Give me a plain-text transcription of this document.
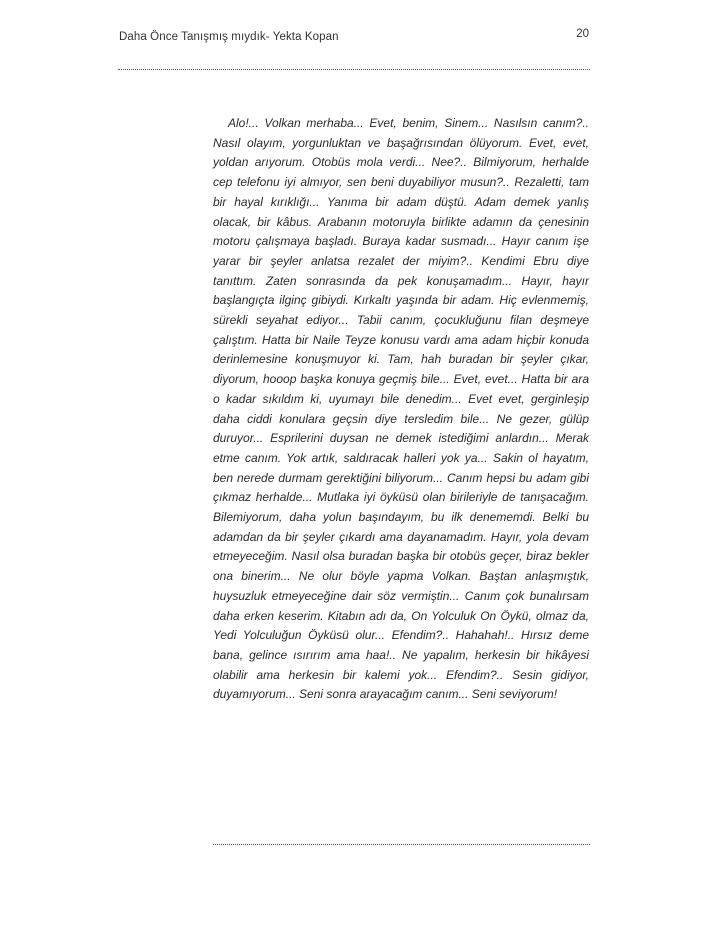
Daha Önce Tanışmış mıydık- Yekta Kopan	20

Alo!... Volkan merhaba... Evet, benim, Sinem... Nasılsın canım?.. Nasıl olayım, yorgunluktan ve başağrısından ölüyorum. Evet, evet, yoldan arıyorum. Otobüs mola verdi... Nee?.. Bilmiyorum, herhalde cep telefonu iyi almıyor, sen beni duyabiliyor musun?.. Rezaletti, tam bir hayal kırıklığı... Yanıma bir adam düştü. Adam demek yanlış olacak, bir kâbus. Arabanın motoruyla birlikte adamın da çenesinin motoru çalışmaya başladı. Buraya kadar susmadı... Hayır canım işe yarar bir şeyler anlatsa rezalet der miyim?.. Kendimi Ebru diye tanıttım. Zaten sonrasında da pek konuşamadım... Hayır, hayır başlangıçta ilginç gibiydi. Kırkaltı yaşında bir adam. Hiç evlenmemiş, sürekli seyahat ediyor... Tabii canım, çocukluğunu filan deşmeye çalıştım. Hatta bir Naile Teyze konusu vardı ama adam hiçbir konuda derinlemesine konuşmuyor ki. Tam, hah buradan bir şeyler çıkar, diyorum, hooop başka konuya geçmiş bile... Evet, evet... Hatta bir ara o kadar sıkıldım ki, uyumayı bile denedim... Evet evet, gerginleşip daha ciddi konulara geçsin diye tersledim bile... Ne gezer, gülüp duruyor... Esprilerini duysan ne demek istediğimi anlardın... Merak etme canım. Yok artık, saldıracak halleri yok ya... Sakin ol hayatım, ben nerede durmam gerektiğini biliyorum... Canım hepsi bu adam gibi çıkmaz herhalde... Mutlaka iyi öyküsü olan birileriyle de tanışacağım. Bilemiyorum, daha yolun başındayım, bu ilk denememdi. Belki bu adamdan da bir şeyler çıkardı ama dayanamadım. Hayır, yola devam etmeyeceğim. Nasıl olsa buradan başka bir otobüs geçer, biraz bekler ona binerim... Ne olur böyle yapma Volkan. Baştan anlaşmıştık, huysuzluk etmeyeceğine dair söz vermiştin... Canım çok bunalırsam daha erken keserim. Kitabın adı da, On Yolculuk On Öykü, olmaz da, Yedi Yolculuğun Öyküsü olur... Efendim?.. Hahahah!.. Hırsız deme bana, gelince ısırırım ama haa!.. Ne yapalım, herkesin bir hikâyesi olabilir ama herkesin bir kalemi yok... Efendim?.. Sesin gidiyor, duyamıyorum... Seni sonra arayacağım canım... Seni seviyorum!
